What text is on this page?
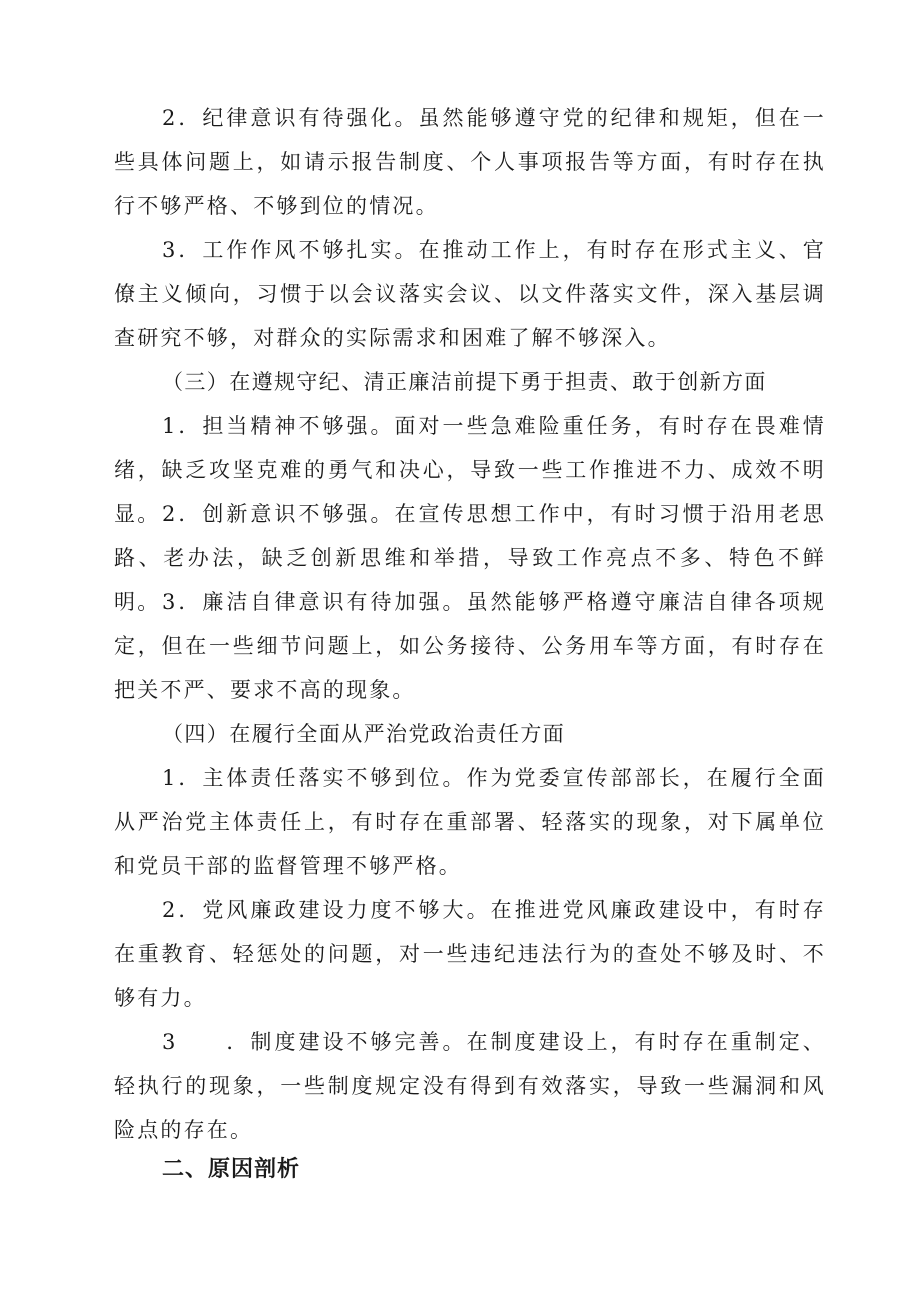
2．纪律意识有待强化。虽然能够遵守党的纪律和规矩，但在一些具体问题上，如请示报告制度、个人事项报告等方面，有时存在执行不够严格、不够到位的情况。

3．工作作风不够扎实。在推动工作上，有时存在形式主义、官僚主义倾向，习惯于以会议落实会议、以文件落实文件，深入基层调查研究不够，对群众的实际需求和困难了解不够深入。

（三）在遵规守纪、清正廉洁前提下勇于担责、敢于创新方面

1．担当精神不够强。面对一些急难险重任务，有时存在畏难情绪，缺乏攻坚克难的勇气和决心，导致一些工作推进不力、成效不明显。 2．创新意识不够强。在宣传思想工作中，有时习惯于沿用老思路、老办法，缺乏创新思维和举措，导致工作亮点不多、特色不鲜明。 3．廉洁自律意识有待加强。虽然能够严格遵守廉洁自律各项规定，但在一些细节问题上，如公务接待、公务用车等方面，有时存在把关不严、要求不高的现象。

（四）在履行全面从严治党政治责任方面

1．主体责任落实不够到位。作为党委宣传部部长，在履行全面从严治党主体责任上，有时存在重部署、轻落实的现象，对下属单位和党员干部的监督管理不够严格。

2．党风廉政建设力度不够大。在推进党风廉政建设中，有时存在重教育、轻惩处的问题，对一些违纪违法行为的查处不够及时、不够有力。

3　　．制度建设不够完善。在制度建设上，有时存在重制定、轻执行的现象，一些制度规定没有得到有效落实，导致一些漏洞和风险点的存在。

二、原因剖析
